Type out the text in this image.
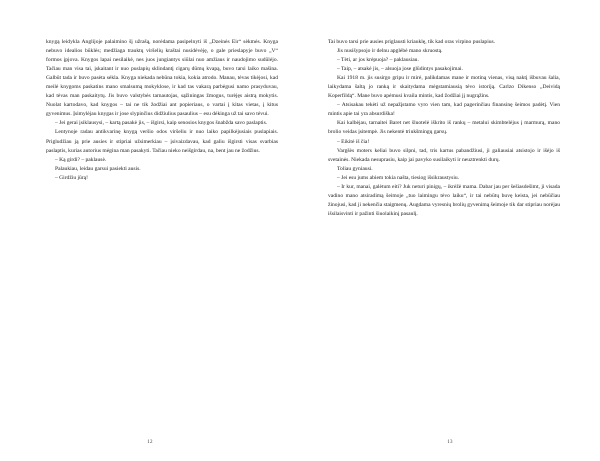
knygą leidykla Anglijoje palaimino šį užrašą, norėdama pasipelnyti iš „Dzeinės Eir“ sėkmės. Knyga nebuvo idealios būklės; medžiaga trauktų viršelių kraštai nusidėvėję, o gale prieslapyje buvo „V“ formos įpjova. Knygos lapai nesilaikė, nes juos jungiantys siūlai nuo amžiaus ir naudojimo sudūlėjo. Tačiau man visa tai, įskaitant ir nuo puslapių sklindantį cigarų dūmų kvapą, buvo tarsi laiko mašina. Galbūt tada ir buvo pasėta sėkla. Knyga niekada nebūna tokia, kokia atrodo. Manau, tėvas tikėjosi, kad meilė knygoms paskatins mano smalsumą mokyklose, ir kad tas vakarą parbėgusi namo prasyduvau, kad tėvas man paskaitytų. Jis buvo valstybės tarnautojas, sąžiningas žmogus, turėjęs aistrą mokytis. Nuolat kartodavo, kad knygos – tai ne tik žodžiai ant popieriaus, o vartai į kitas vietas, į kitus gyvenimus. Įsimylėjau knygas ir jose slypinčius didžiulius pasaulius – esu dėkinga už tai savo tėvui.

– Jei gerai įsiklausysi, – kartą pasakė jis, – išgirsi, kaip senosios knygos šnabžda savo paslaptis.

Lentynoje radau antikvarinę knygą veršio odos viršeliu ir nuo laiko papilkėjusiais puslapiais. Prigludžiau ją prie ausies ir stipriai užsimerkiau – įsivaizdavau, kad galiu išgirsti visas svarbias paslaptis, kurias autorius mėgina man pasakyti. Tačiau nieko neišgirdau, na, bent jau ne žodžius.

– Ką girdi? – paklausė.

Palaukiau, leidau garsui pasiekti ausis.

– Girdžiu jūrą!

12

Tai buvo tarsi prie ausies priglausti kriauklę, tik kad oras virpino puslapius.

Jis nusišypsojo ir delnu apglėbė mano skruostą.

– Tėti, ar jos krėpuoja? – paklausiau.

– Taip, – atsakė jis, – alsuoja jose glūdintys pasakojimai.

Kai 1918 m. jis susirgo gripu ir mirė, palikdamas mane ir motiną vienas, visą naktį išbuvau šalia, laikydama šaltą jo ranką ir skaitydama mėgstamiausią tėvo istoriją. Carlzo Dikenso „Deividą Koperfildą“. Mane buvo apėmusi kvaila mintis, kad žodžiai jį nugrąžins.

– Atsisakau tekėti už nepažįstamo vyro vien tam, kad pagerinčiau finansinę šeimos padėtį. Vien mintis apie tai yra absurdiška!

Kai kalbėjau, tarnaitei Baret net šluotelė iškrito iš rankų – metalui skimbtelėjus į marmurą, mano brolio veidas įsitempė. Jis nekentė triukšmingų garsų.

– Eikitė iš čia!

Vargšės moters keliai buvo silpni, tad, tris kartus pabandžiusi, ji galiausiai atsistojo ir išėjo iš svetainės. Niekada nesuprasiu, kaip jai pavyko susilaikyti ir neuztrenkti durų.

Toliau gyniausi.

– Jei esu jums abiem tokia našta, tiesiog išsikraustysiu.

– Ir kur, manai, galėtum eiti? Juk neturi pinigų, – ikrėžė mama. Dabar jau per šešiasdešimt, ji visada vadino mano atsiradimą šeimoje „tuo laimingu tėvo laiku“, ir tai nebūtų buvę keista, jei nebūčiau žinojusi, kad ji nekenčia staigmenų. Augdama vyresnių brolių gyvenimą šeimoje tik dar stipriau norėjau išsilaisvinti ir pažinti šiuolaikinį pasaulį.

13
